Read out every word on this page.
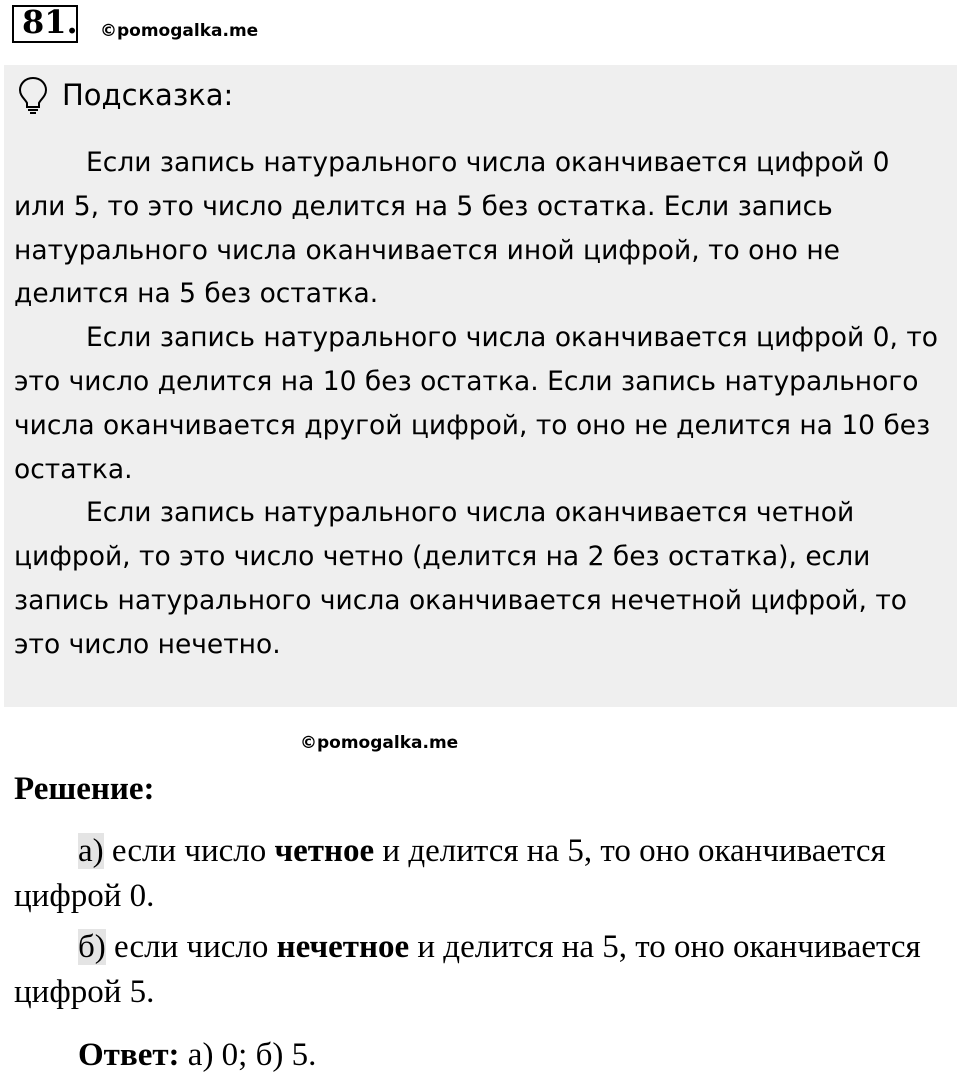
81. ©pomogalka.me
Подсказка:

Если запись натурального числа оканчивается цифрой 0 или 5, то это число делится на 5 без остатка. Если запись натурального числа оканчивается иной цифрой, то оно не делится на 5 без остатка.

Если запись натурального числа оканчивается цифрой 0, то это число делится на 10 без остатка. Если запись натурального числа оканчивается другой цифрой, то оно не делится на 10 без остатка.

Если запись натурального числа оканчивается четной цифрой, то это число четно (делится на 2 без остатка), если запись натурального числа оканчивается нечетной цифрой, то это число нечетно.

©pomogalka.me
Решение:

а) если число четное и делится на 5, то оно оканчивается цифрой 0.

б) если число нечетное и делится на 5, то оно оканчивается цифрой 5.

Ответ: а) 0; б) 5.
